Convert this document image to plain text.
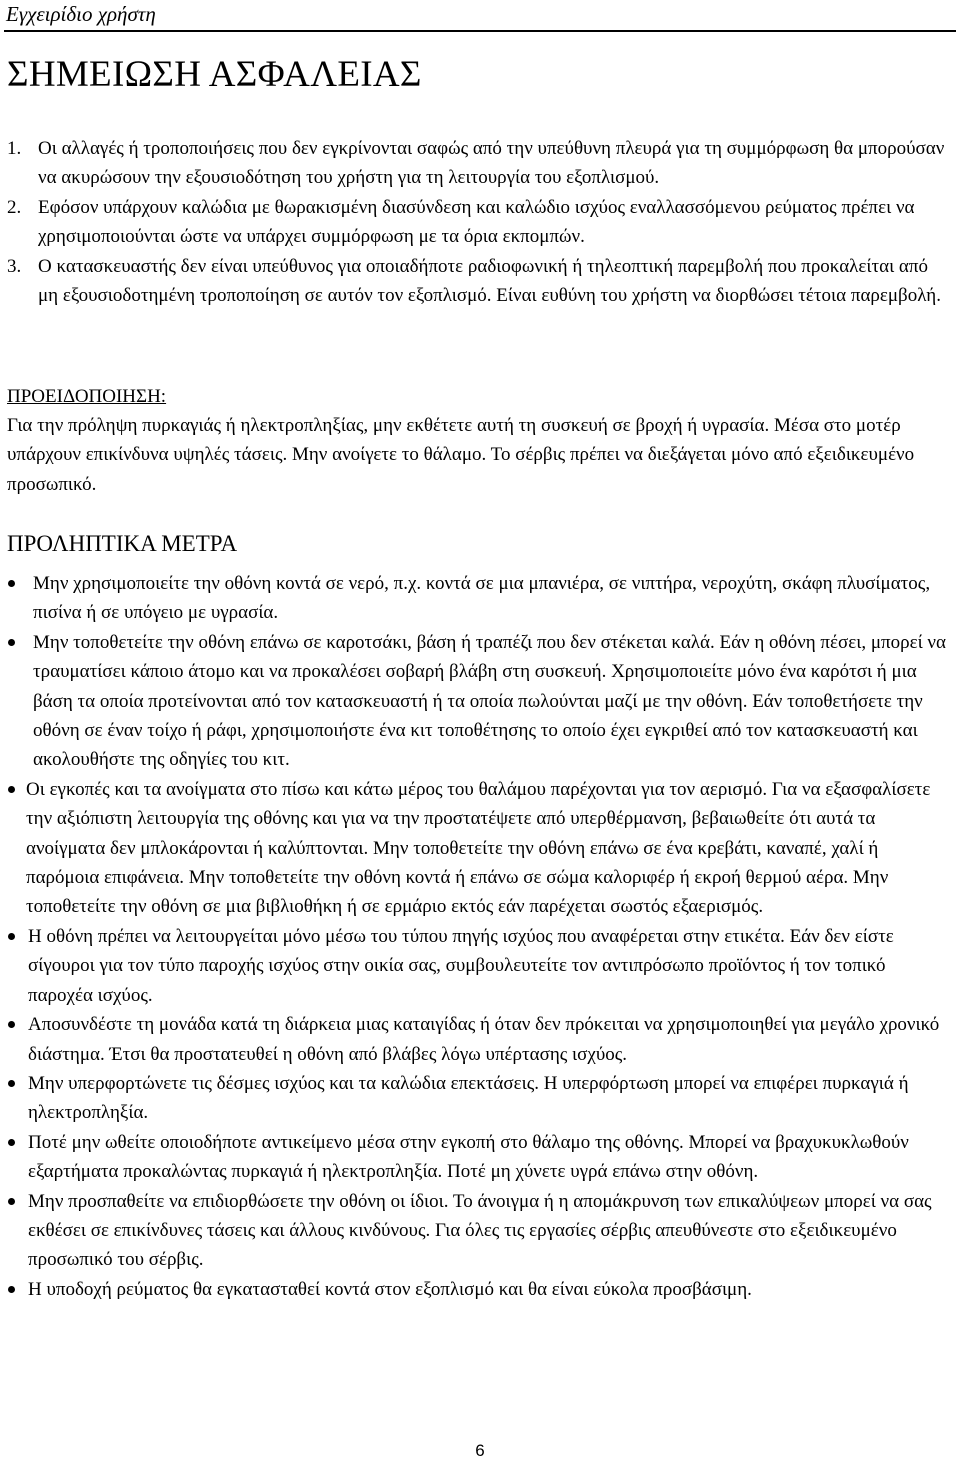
Εγχειρίδιο χρήστη
ΣΗΜΕΙΩΣΗ ΑΣΦΑΛΕΙΑΣ
1. Οι αλλαγές ή τροποποιήσεις που δεν εγκρίνονται σαφώς από την υπεύθυνη πλευρά για τη συμμόρφωση θα μπορούσαν να ακυρώσουν την εξουσιοδότηση του χρήστη για τη λειτουργία του εξοπλισμού.
2. Εφόσον υπάρχουν καλώδια με θωρακισμένη διασύνδεση και καλώδιο ισχύος εναλλασσόμενου ρεύματος πρέπει να χρησιμοποιούνται ώστε να υπάρχει συμμόρφωση με τα όρια εκπομπών.
3. Ο κατασκευαστής δεν είναι υπεύθυνος για οποιαδήποτε ραδιοφωνική ή τηλεοπτική παρεμβολή που προκαλείται από μη εξουσιοδοτημένη τροποποίηση σε αυτόν τον εξοπλισμό. Είναι ευθύνη του χρήστη να διορθώσει τέτοια παρεμβολή.
ΠΡΟΕΙΔΟΠΟΙΗΣΗ:

Για την πρόληψη πυρκαγιάς ή ηλεκτροπληξίας, μην εκθέτετε αυτή τη συσκευή σε βροχή ή υγρασία. Μέσα στο μοτέρ υπάρχουν επικίνδυνα υψηλές τάσεις. Μην ανοίγετε το θάλαμο. Το σέρβις πρέπει να διεξάγεται μόνο από εξειδικευμένο προσωπικό.

ΠΡΟΛΗΠΤΙΚΑ ΜΕΤΡΑ
Μην χρησιμοποιείτε την οθόνη κοντά σε νερό, π.χ. κοντά σε μια μπανιέρα, σε νιπτήρα, νεροχύτη, σκάφη πλυσίματος, πισίνα ή σε υπόγειο με υγρασία.
Μην τοποθετείτε την οθόνη επάνω σε καροτσάκι, βάση ή τραπέζι που δεν στέκεται καλά. Εάν η οθόνη πέσει, μπορεί να τραυματίσει κάποιο άτομο και να προκαλέσει σοβαρή βλάβη στη συσκευή. Χρησιμοποιείτε μόνο ένα καρότσι ή μια βάση τα οποία προτείνονται από τον κατασκευαστή ή τα οποία πωλούνται μαζί με την οθόνη. Εάν τοποθετήσετε την οθόνη σε έναν τοίχο ή ράφι, χρησιμοποιήστε ένα κιτ τοποθέτησης το οποίο έχει εγκριθεί από τον κατασκευαστή και ακολουθήστε της οδηγίες του κιτ.
Οι εγκοπές και τα ανοίγματα στο πίσω και κάτω μέρος του θαλάμου παρέχονται για τον αερισμό. Για να εξασφαλίσετε την αξιόπιστη λειτουργία της οθόνης και για να την προστατέψετε από υπερθέρμανση, βεβαιωθείτε ότι αυτά τα ανοίγματα δεν μπλοκάρονται ή καλύπτονται. Μην τοποθετείτε την οθόνη επάνω σε ένα κρεβάτι, καναπέ, χαλί ή παρόμοια επιφάνεια. Μην τοποθετείτε την οθόνη κοντά ή επάνω σε σώμα καλοριφέρ ή εκροή θερμού αέρα. Μην τοποθετείτε την οθόνη σε μια βιβλιοθήκη ή σε ερμάριο εκτός εάν παρέχεται σωστός εξαερισμός.
Η οθόνη πρέπει να λειτουργείται μόνο μέσω του τύπου πηγής ισχύος που αναφέρεται στην ετικέτα. Εάν δεν είστε σίγουροι για τον τύπο παροχής ισχύος στην οικία σας, συμβουλευτείτε τον αντιπρόσωπο προϊόντος ή τον τοπικό παροχέα ισχύος.
Αποσυνδέστε τη μονάδα κατά τη διάρκεια μιας καταιγίδας ή όταν δεν πρόκειται να χρησιμοποιηθεί για μεγάλο χρονικό διάστημα. Έτσι θα προστατευθεί η οθόνη από βλάβες λόγω υπέρτασης ισχύος.
Μην υπερφορτώνετε τις δέσμες ισχύος και τα καλώδια επεκτάσεις. Η υπερφόρτωση μπορεί να επιφέρει πυρκαγιά ή ηλεκτροπληξία.
Ποτέ μην ωθείτε οποιοδήποτε αντικείμενο μέσα στην εγκοπή στο θάλαμο της οθόνης. Μπορεί να βραχυκυκλωθούν εξαρτήματα προκαλώντας πυρκαγιά ή ηλεκτροπληξία. Ποτέ μη χύνετε υγρά επάνω στην οθόνη.
Μην προσπαθείτε να επιδιορθώσετε την οθόνη οι ίδιοι. Το άνοιγμα ή η απομάκρυνση των επικαλύψεων μπορεί να σας εκθέσει σε επικίνδυνες τάσεις και άλλους κινδύνους. Για όλες τις εργασίες σέρβις απευθύνεστε στο εξειδικευμένο προσωπικό του σέρβις.
Η υποδοχή ρεύματος θα εγκατασταθεί κοντά στον εξοπλισμό και θα είναι εύκολα προσβάσιμη.
6
